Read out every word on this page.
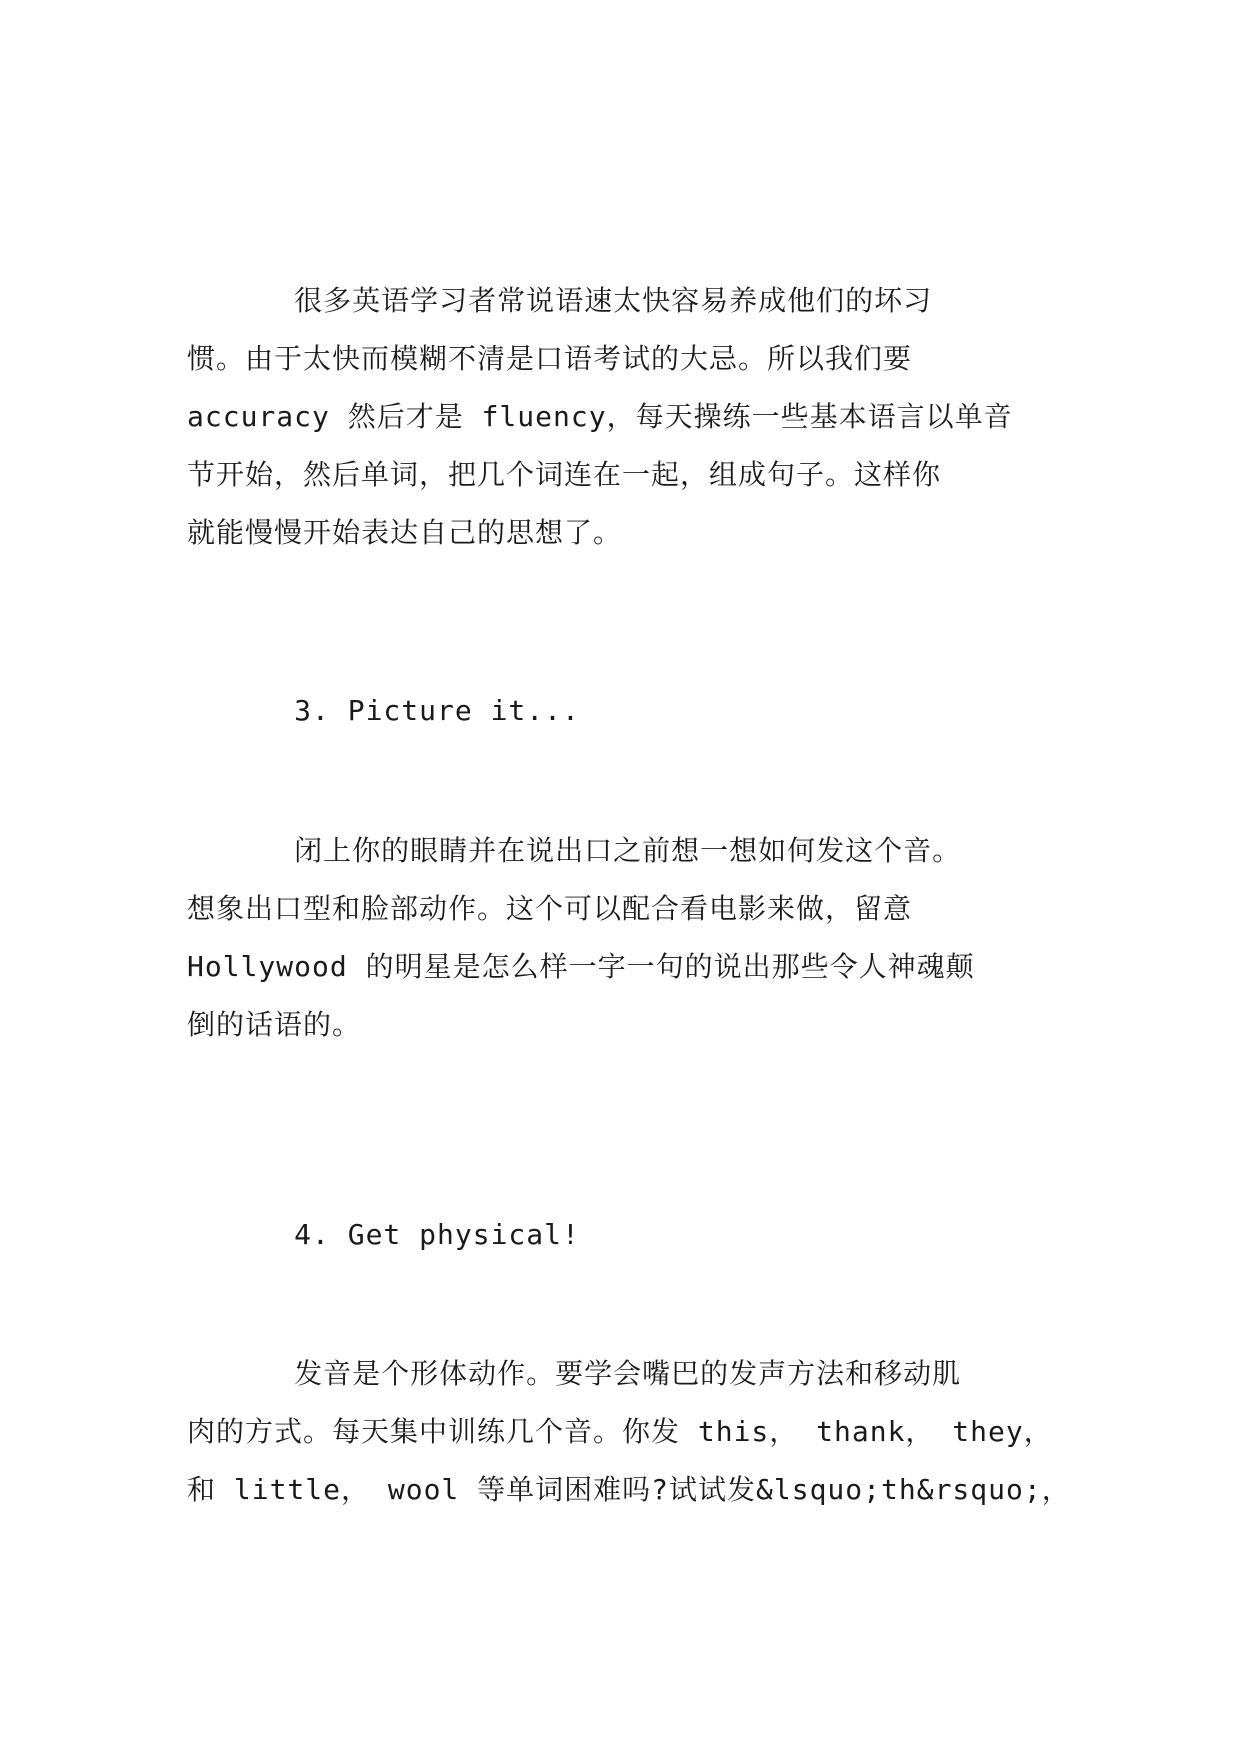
很多英语学习者常说语速太快容易养成他们的坏习
惯。由于太快而模糊不清是口语考试的大忌。所以我们要
accuracy 然后才是 fluency，每天操练一些基本语言以单音
节开始，然后单词，把几个词连在一起，组成句子。这样你
就能慢慢开始表达自己的思想了。
3. Picture it...
闭上你的眼睛并在说出口之前想一想如何发这个音。
想象出口型和脸部动作。这个可以配合看电影来做，留意
Hollywood 的明星是怎么样一字一句的说出那些令人神魂颠
倒的话语的。
4. Get physical!
发音是个形体动作。要学会嘴巴的发声方法和移动肌
肉的方式。每天集中训练几个音。你发 this， thank， they，
和 little， wool 等单词困难吗?试试发&lsquo;th&rsquo;，
